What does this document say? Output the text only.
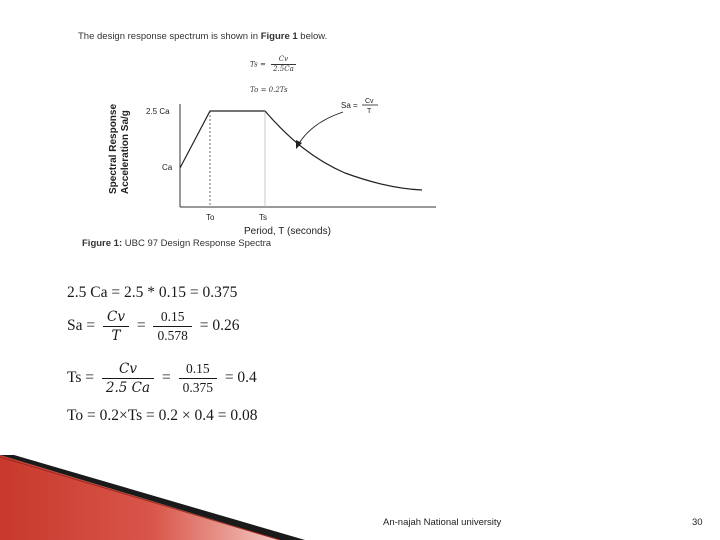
The design response spectrum is shown in Figure 1 below.
$Ts = \frac{Cv}{2.5Ca}$
To = 0.2Ts
Spectral Response Acceleration Sa/g 2.5 Ca
Ca
To	Ts
Period, T (seconds)
Sa = Cv
T
Figure 1: UBC 97 Design Response Spectra
2.5 Ca = 2.5 * 0.15 = 0.375
$Sa = \frac{Cv}{T} = \frac{0.15}{0.578} = 0.26$
$Ts = \frac{Cv}{2.5 Ca} = \frac{0.15}{0.375} = 0.4$
To = 0.2×Ts = 0.2 × 0.4 = 0.08
An-najah National university	30
